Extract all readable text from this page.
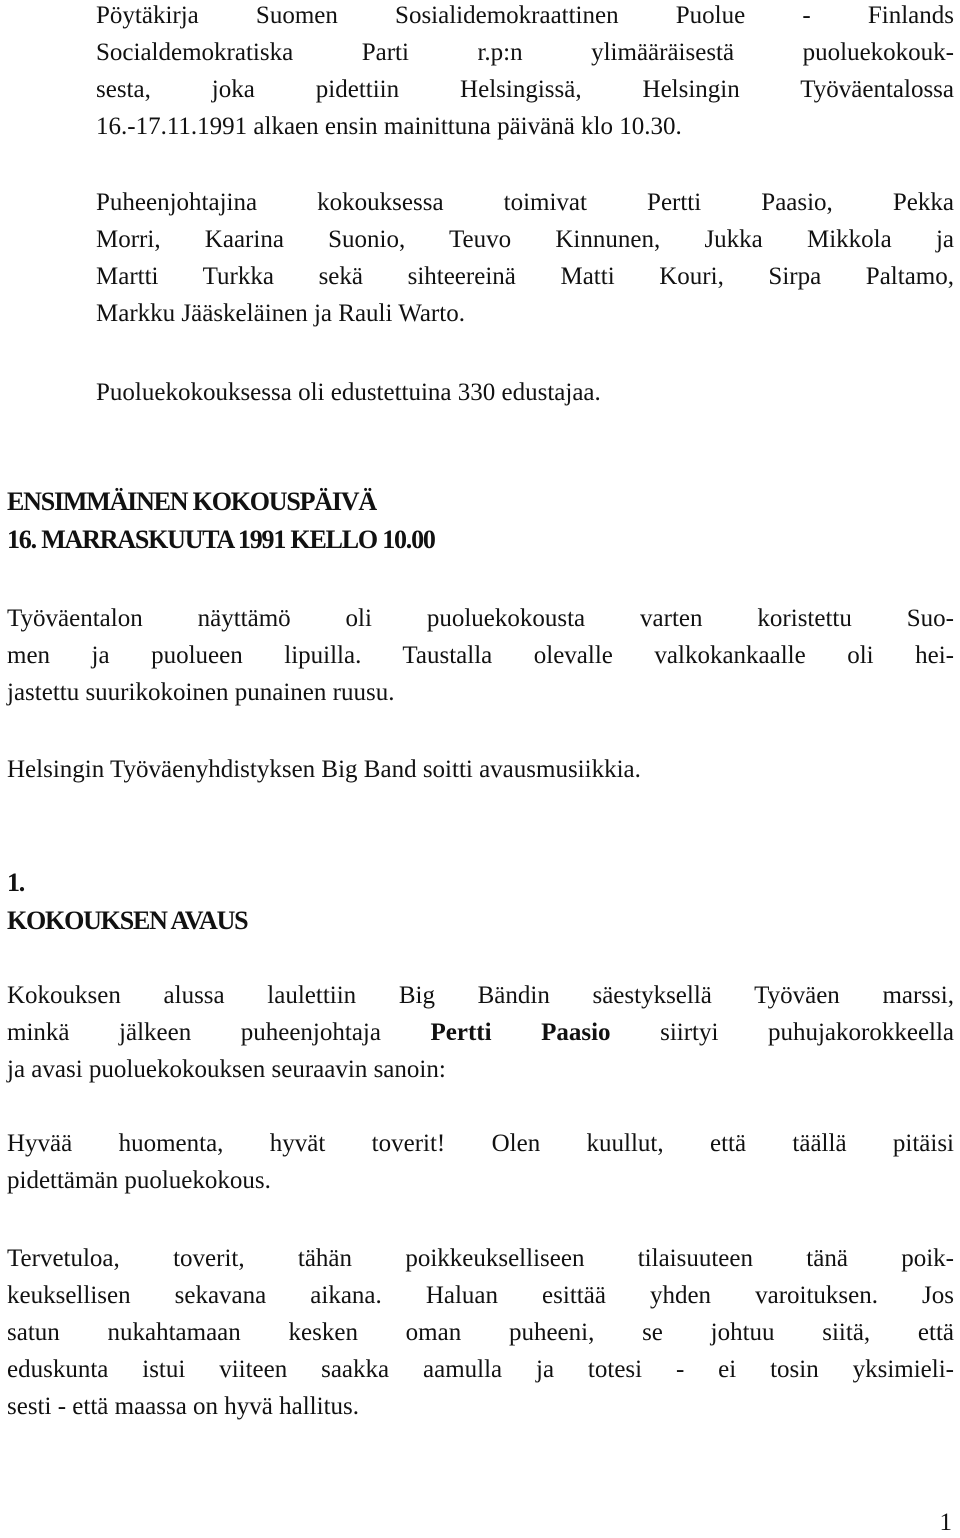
Pöytäkirja Suomen Sosialidemokraattinen Puolue - Finlands
Socialdemokratiska Parti r.p:n ylimääräisestä puoluekokouk-
sesta, joka pidettiin Helsingissä, Helsingin Työväentalossa
16.-17.11.1991 alkaen ensin mainittuna päivänä klo 10.30.
Puheenjohtajina kokouksessa toimivat Pertti Paasio, Pekka
Morri, Kaarina Suonio, Teuvo Kinnunen, Jukka Mikkola ja
Martti Turkka sekä sihteereinä Matti Kouri, Sirpa Paltamo,
Markku Jääskeläinen ja Rauli Warto.
Puoluekokouksessa oli edustettuina 330 edustajaa.
ENSIMMÄINEN KOKOUSPÄIVÄ
16. MARRASKUUTA 1991 KELLO 10.00
Työväentalon näyttämö oli puoluekokousta varten koristettu Suo-
men ja puolueen lipuilla. Taustalla olevalle valkokankaalle oli hei-
jastettu suurikokoinen punainen ruusu.
Helsingin Työväenyhdistyksen Big Band soitti avausmusiikkia.
1.
KOKOUKSEN AVAUS
Kokouksen alussa laulettiin Big Bändin säestyksellä Työväen marssi,
minkä jälkeen puheenjohtaja Pertti Paasio siirtyi puhujakorokkeella
ja avasi puoluekokouksen seuraavin sanoin:
Hyvää huomenta, hyvät toverit! Olen kuullut, että täällä pitäisi
pidettämän puoluekokous.
Tervetuloa, toverit, tähän poikkeukselliseen tilaisuuteen tänä poik-
keuksellisen sekavana aikana. Haluan esittää yhden varoituksen. Jos
satun nukahtamaan kesken oman puheeni, se johtuu siitä, että
eduskunta istui viiteen saakka aamulla ja totesi - ei tosin yksimieli-
sesti - että maassa on hyvä hallitus.
1
